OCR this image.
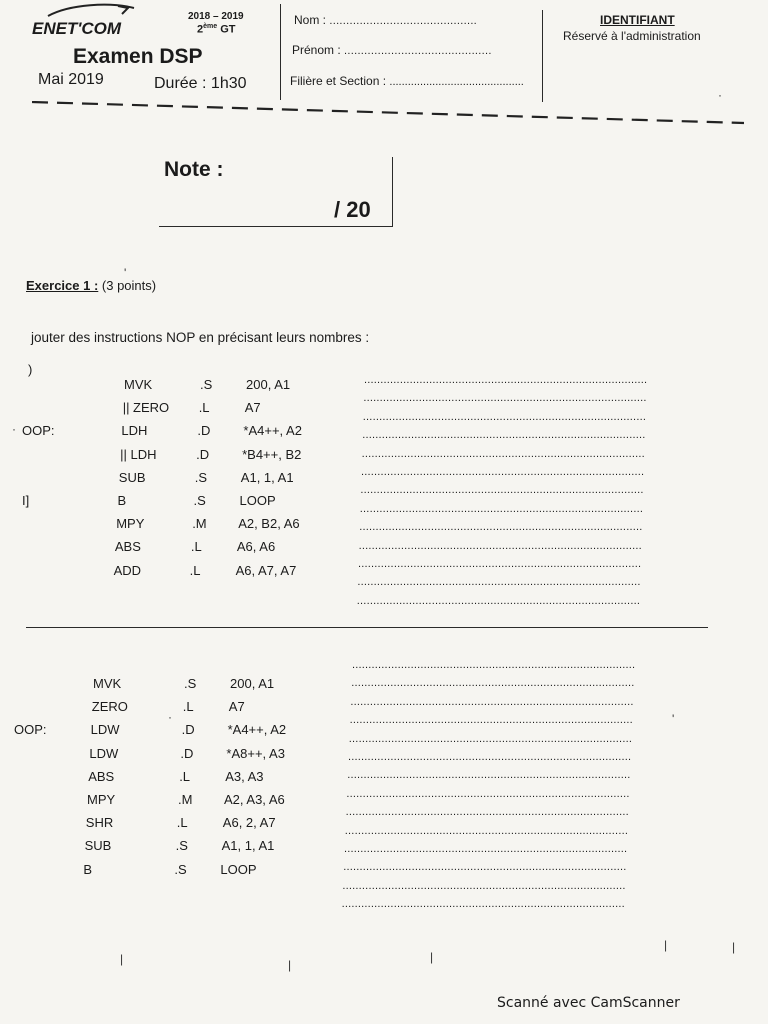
ENET'COM
2018 – 2019
2ème GT
Examen DSP
Mai 2019	Durée : 1h30
Nom : ............................................
Prénom : ............................................
Filière et Section : ............................................
IDENTIFIANT
Réservé à l'administration
Note :
/ 20
Exercice 1 : (3 points)
jouter des instructions NOP en précisant leurs nombres :
)
MVK	.S	200, A1
|| ZERO .L	A7
OOP:	LDH	.D	*A4++, A2
|| LDH	.D	*B4++, B2
SUB	.S	A1, 1, A1
I]	B	.S	LOOP
MPY	.M A2, B2, A6
ABS	.L	A6, A6
ADD	.L	A6, A7, A7
.......................................................................................
.......................................................................................
.......................................................................................
.......................................................................................
.......................................................................................
.......................................................................................
.......................................................................................
.......................................................................................
.......................................................................................
.......................................................................................
.......................................................................................
.......................................................................................
.......................................................................................
MVK	.S	200, A1
ZERO	.L	A7
OOP:	LDW	.D	*A4++, A2
LDW	.D	*A8++, A3
ABS	.L	A3, A3
MPY	.M A2, A3, A6
SHR	.L	A6, 2, A7
SUB	.S	A1, 1, A1
B	.S	LOOP
.......................................................................................
.......................................................................................
.......................................................................................
.......................................................................................
.......................................................................................
.......................................................................................
.......................................................................................
.......................................................................................
.......................................................................................
.......................................................................................
.......................................................................................
.......................................................................................
.......................................................................................
.......................................................................................
'
·
·	'
|	|
|
|	|
·
Scanné avec CamScanner
